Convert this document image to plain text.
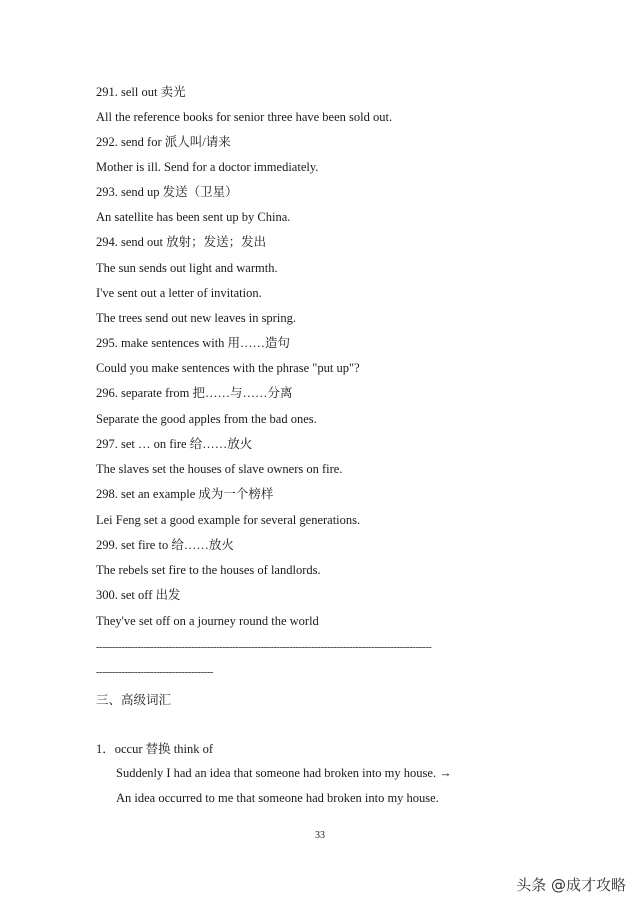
291. sell out 卖光
All the reference books for senior three have been sold out.
292. send for 派人叫/请来
Mother is ill. Send for a doctor immediately.
293. send up 发送（卫星）
An satellite has been sent up by China.
294. send out 放射；发送；发出
The sun sends out light and warmth.
I've sent out a letter of invitation.
The trees send out new leaves in spring.
295. make sentences with 用……造句
Could you make sentences with the phrase "put up"?
296. separate from 把……与……分离
Separate the good apples from the bad ones.
297. set … on fire 给……放火
The slaves set the houses of slave owners on fire.
298. set an example 成为一个榜样
Lei Feng set a good example for several generations.
299. set fire to 给……放火
The rebels set fire to the houses of landlords.
300. set off 出发
They've set off on a journey round the world
----------------------------------------------------------------------------------------------------------
-------------------------------------
三、高级词汇
1．occur 替换 think of
Suddenly I had an idea that someone had broken into my house. →
An idea occurred to me that someone had broken into my house.
33
头条 @成才攻略
